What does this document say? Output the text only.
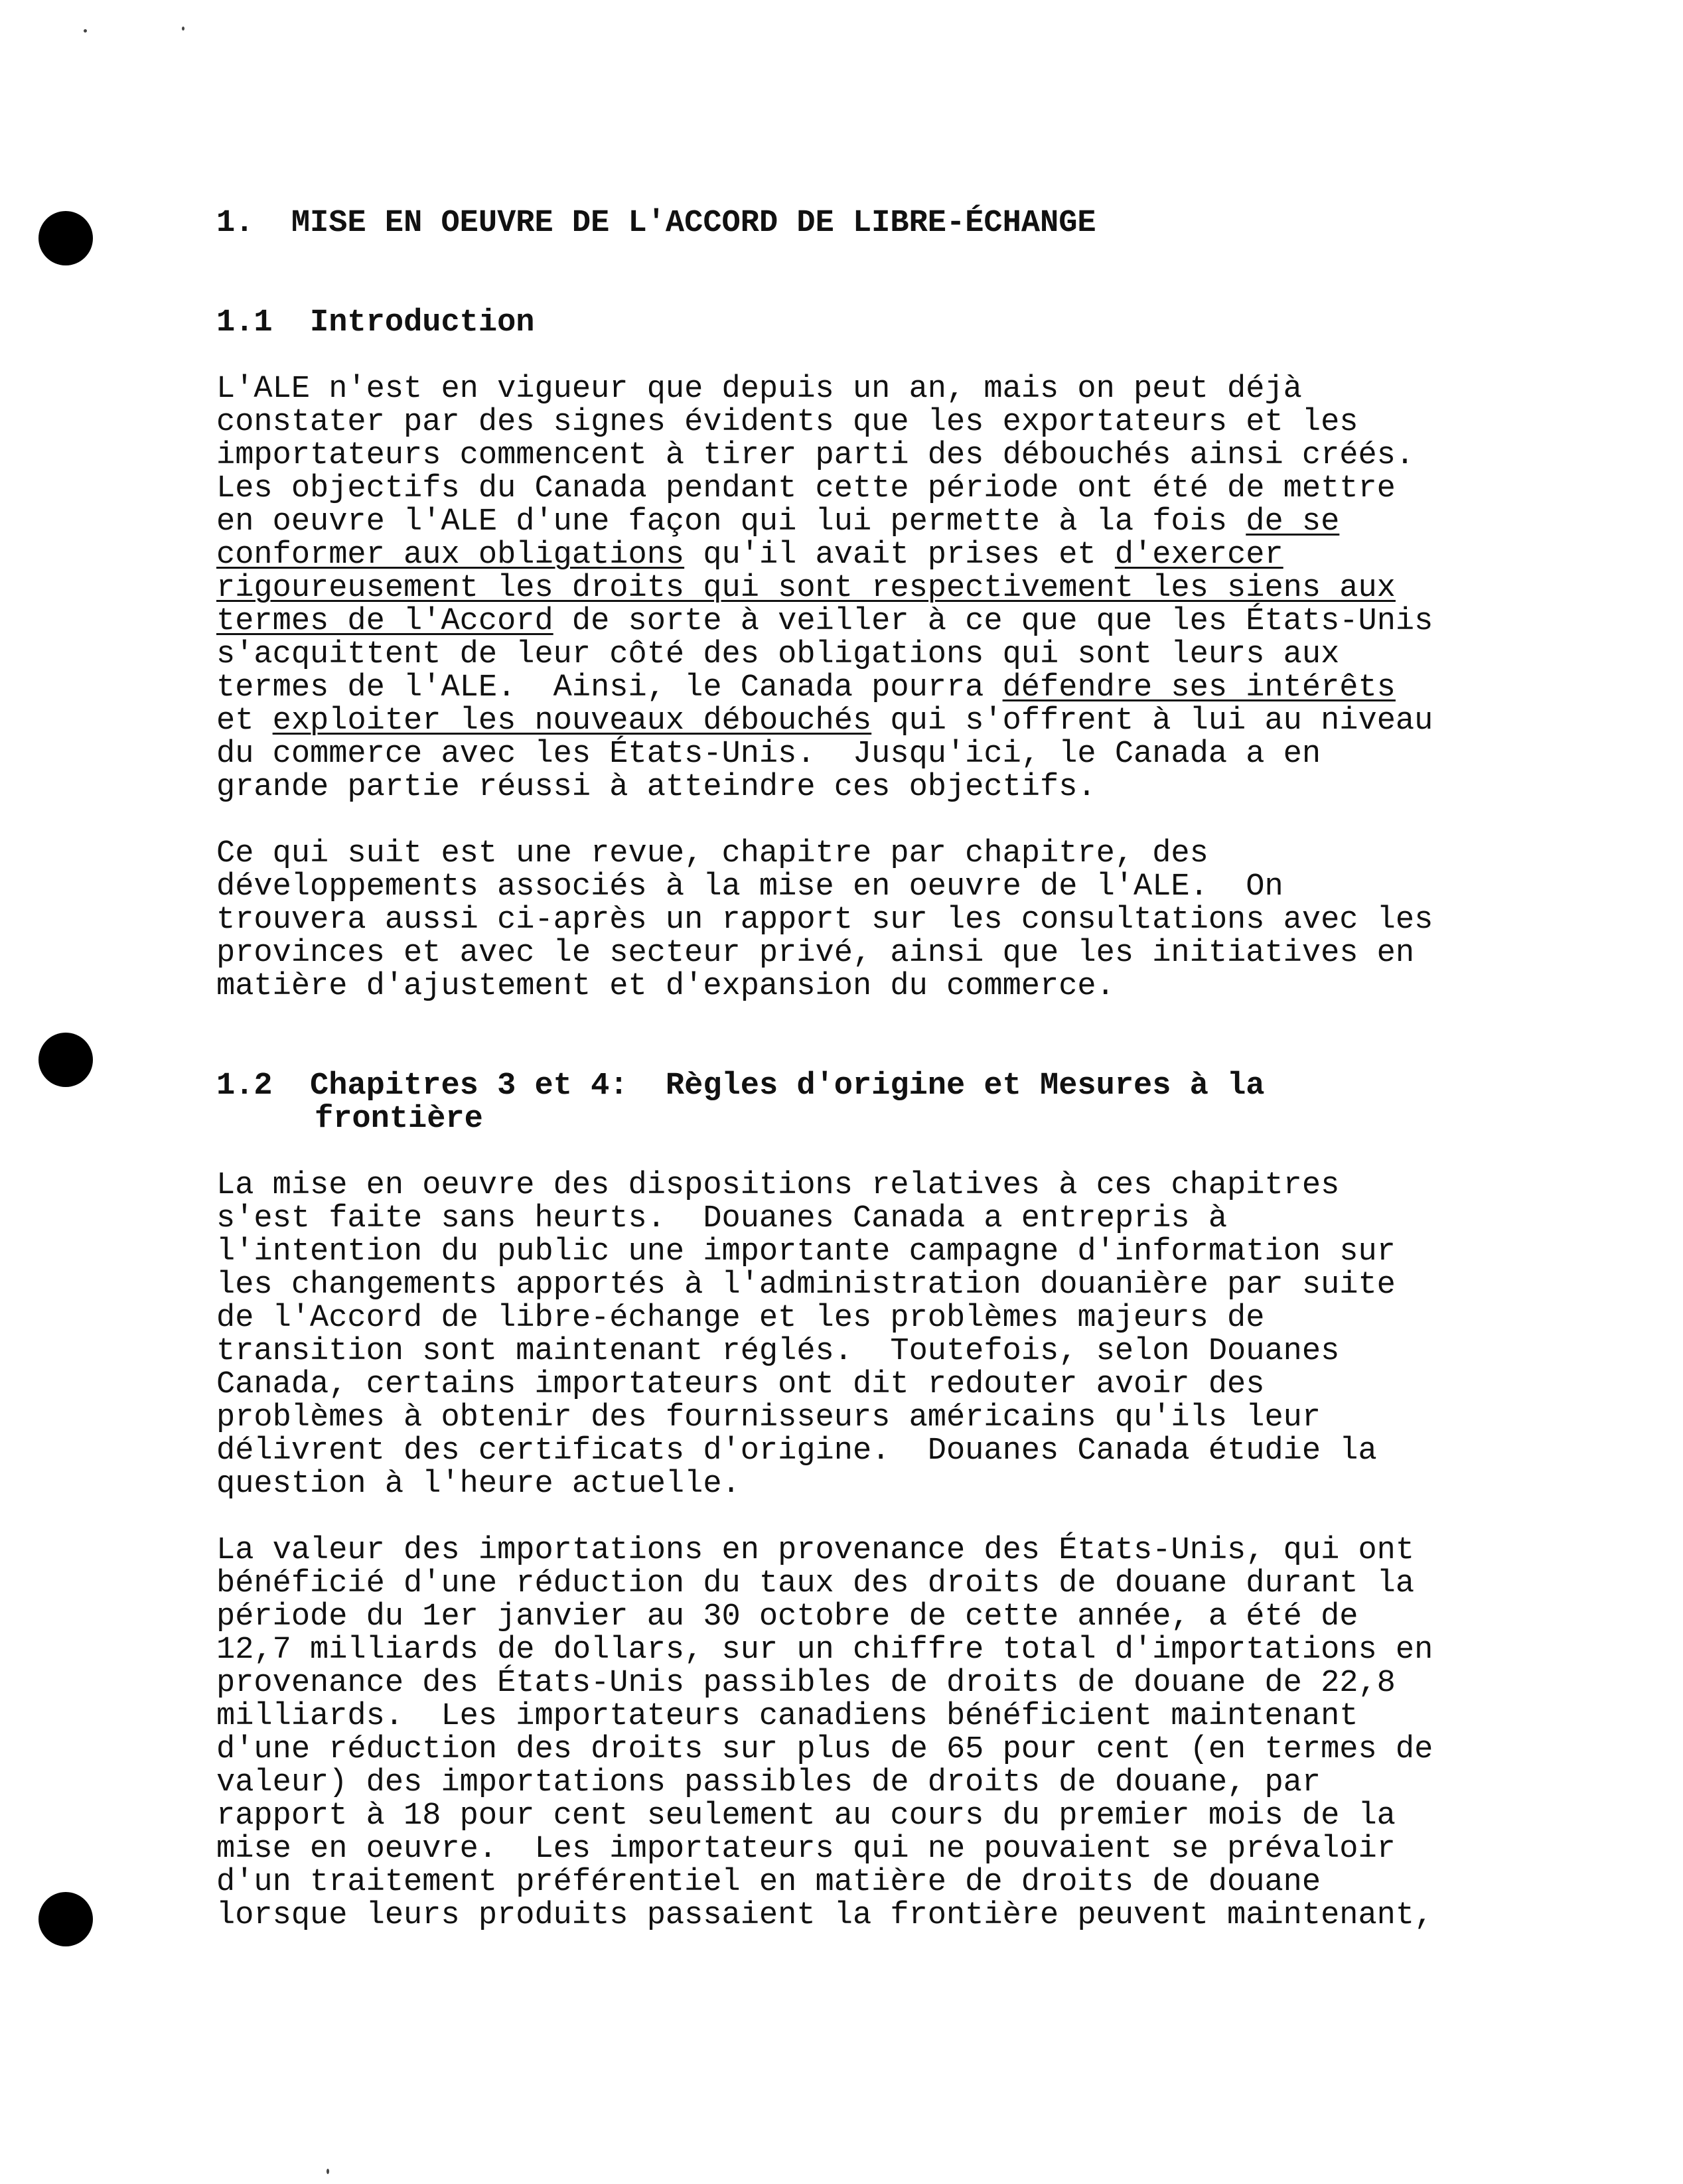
1. MISE EN OEUVRE DE L'ACCORD DE LIBRE-ÉCHANGE
1.1 Introduction
L'ALE n'est en vigueur que depuis un an, mais on peut déjà
constater par des signes évidents que les exportateurs et les
importateurs commencent à tirer parti des débouchés ainsi créés.
Les objectifs du Canada pendant cette période ont été de mettre
en oeuvre l'ALE d'une façon qui lui permette à la fois de se
conformer aux obligations qu'il avait prises et d'exercer
rigoureusement les droits qui sont respectivement les siens aux
termes de l'Accord de sorte à veiller à ce que que les États-Unis
s'acquittent de leur côté des obligations qui sont leurs aux
termes de l'ALE.  Ainsi, le Canada pourra défendre ses intérêts
et exploiter les nouveaux débouchés qui s'offrent à lui au niveau
du commerce avec les États-Unis.  Jusqu'ici, le Canada a en
grande partie réussi à atteindre ces objectifs.
Ce qui suit est une revue, chapitre par chapitre, des
développements associés à la mise en oeuvre de l'ALE.  On
trouvera aussi ci-après un rapport sur les consultations avec les
provinces et avec le secteur privé, ainsi que les initiatives en
matière d'ajustement et d'expansion du commerce.
1.2 Chapitres 3 et 4:  Règles d'origine et Mesures à la
frontière
La mise en oeuvre des dispositions relatives à ces chapitres
s'est faite sans heurts.  Douanes Canada a entrepris à
l'intention du public une importante campagne d'information sur
les changements apportés à l'administration douanière par suite
de l'Accord de libre-échange et les problèmes majeurs de
transition sont maintenant réglés.  Toutefois, selon Douanes
Canada, certains importateurs ont dit redouter avoir des
problèmes à obtenir des fournisseurs américains qu'ils leur
délivrent des certificats d'origine.  Douanes Canada étudie la
question à l'heure actuelle.
La valeur des importations en provenance des États-Unis, qui ont
bénéficié d'une réduction du taux des droits de douane durant la
période du 1er janvier au 30 octobre de cette année, a été de
12,7 milliards de dollars, sur un chiffre total d'importations en
provenance des États-Unis passibles de droits de douane de 22,8
milliards.  Les importateurs canadiens bénéficient maintenant
d'une réduction des droits sur plus de 65 pour cent (en termes de
valeur) des importations passibles de droits de douane, par
rapport à 18 pour cent seulement au cours du premier mois de la
mise en oeuvre.  Les importateurs qui ne pouvaient se prévaloir
d'un traitement préférentiel en matière de droits de douane
lorsque leurs produits passaient la frontière peuvent maintenant,
